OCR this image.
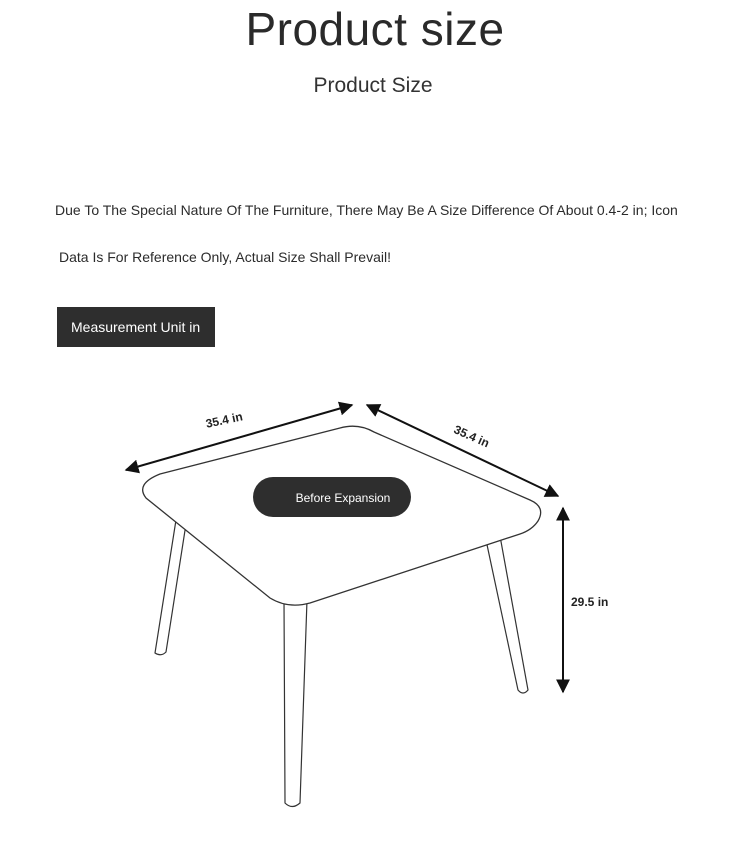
Product size
Product Size
Due To The Special Nature Of The Furniture, There May Be A Size Difference Of About 0.4-2 in; Icon
Data Is For Reference Only, Actual Size Shall Prevail!
Measurement Unit in
35.4 in
35.4 in
29.5 in
Before Expansion
